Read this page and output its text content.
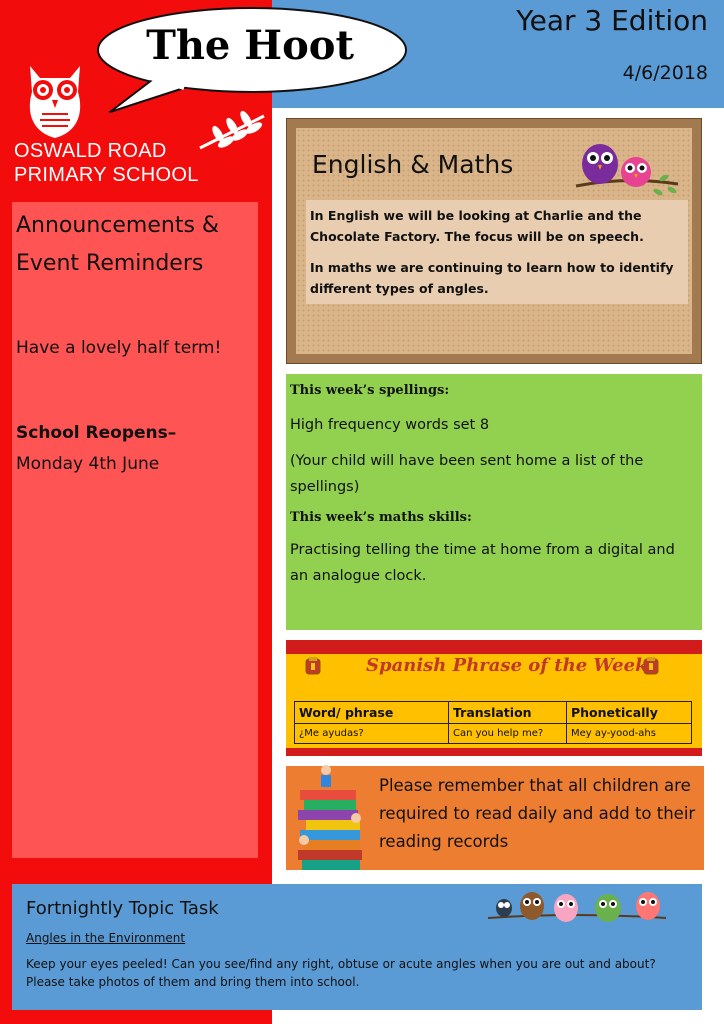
The Hoot
Year 3 Edition
4/6/2018
OSWALD ROAD
PRIMARY SCHOOL
Announcements & Event Reminders
Have a lovely half term!
School Reopens–
Monday 4th June
English & Maths
In English we will be looking at Charlie and the Chocolate Factory. The focus will be on speech.
In maths we are continuing to learn how to identify different types of angles.
This week’s spellings:
High frequency words set 8
(Your child will have been sent home a list of the spellings)
This week’s maths skills:
Practising telling the time at home from a digital and an analogue clock.
Spanish Phrase of the Week
Word/ phrase	Translation	Phonetically
¿Me ayudas?	Can you help me?	Mey ay-yood-ahs
Please remember that all children are required to read daily and add to their reading records
Fortnightly Topic Task
Angles in the Environment
Keep your eyes peeled! Can you see/find any right, obtuse or acute angles when you are out and about? Please take photos of them and bring them into school.
